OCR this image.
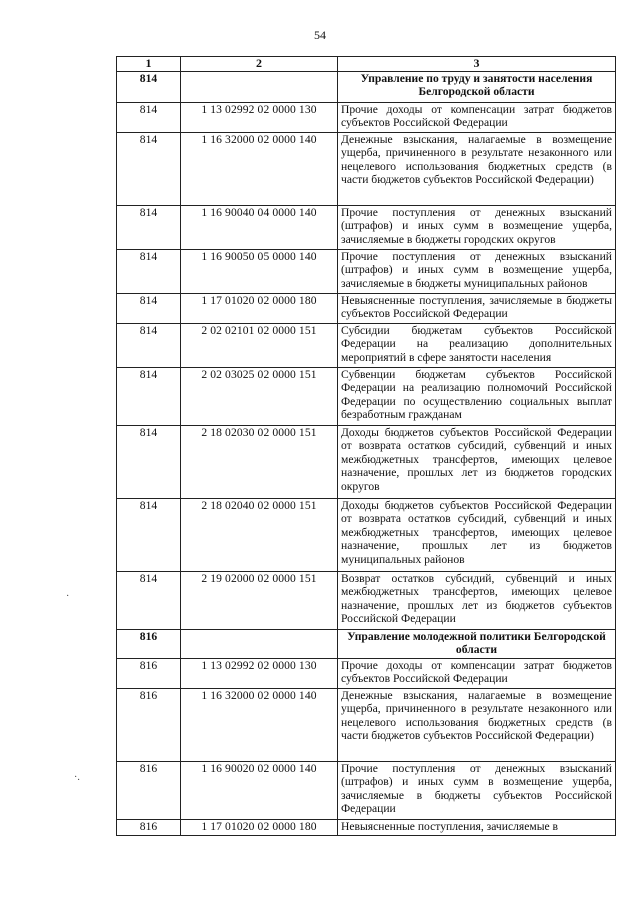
54
1	2	3
814		Управление по труду и занятости населения Белгородской области
814	1 13 02992 02 0000 130	Прочие доходы от компенсации затрат бюджетов субъектов Российской Федерации
814	1 16 32000 02 0000 140	Денежные взыскания, налагаемые в возмещение ущерба, причиненного в результате незаконного или нецелевого использования бюджетных средств (в части бюджетов субъектов Российской Федерации)
814	1 16 90040 04 0000 140	Прочие поступления от денежных взысканий (штрафов) и иных сумм в возмещение ущерба, зачисляемые в бюджеты городских округов
814	1 16 90050 05 0000 140	Прочие поступления от денежных взысканий (штрафов) и иных сумм в возмещение ущерба, зачисляемые в бюджеты муниципальных районов
814	1 17 01020 02 0000 180	Невыясненные поступления, зачисляемые в бюджеты субъектов Российской Федерации
814	2 02 02101 02 0000 151	Субсидии бюджетам субъектов Российской Федерации на реализацию дополнительных мероприятий в сфере занятости населения
814	2 02 03025 02 0000 151	Субвенции бюджетам субъектов Российской Федерации на реализацию полномочий Российской Федерации по осуществлению социальных выплат безработным гражданам
814	2 18 02030 02 0000 151	Доходы бюджетов субъектов Российской Федерации от возврата остатков субсидий, субвенций и иных межбюджетных трансфертов, имеющих целевое назначение, прошлых лет из бюджетов городских округов
814	2 18 02040 02 0000 151	Доходы бюджетов субъектов Российской Федерации от возврата остатков субсидий, субвенций и иных межбюджетных трансфертов, имеющих целевое назначение, прошлых лет из бюджетов муниципальных районов
814	2 19 02000 02 0000 151	Возврат остатков субсидий, субвенций и иных межбюджетных трансфертов, имеющих целевое назначение, прошлых лет из бюджетов субъектов Российской Федерации
816		Управление молодежной политики Белгородской области
816	1 13 02992 02 0000 130	Прочие доходы от компенсации затрат бюджетов субъектов Российской Федерации
816	1 16 32000 02 0000 140	Денежные взыскания, налагаемые в возмещение ущерба, причиненного в результате незаконного или нецелевого использования бюджетных средств (в части бюджетов субъектов Российской Федерации)
816	1 16 90020 02 0000 140	Прочие поступления от денежных взысканий (штрафов) и иных сумм в возмещение ущерба, зачисляемые в бюджеты субъектов Российской Федерации
816	1 17 01020 02 0000 180	Невыясненные поступления, зачисляемые в
·
·.
